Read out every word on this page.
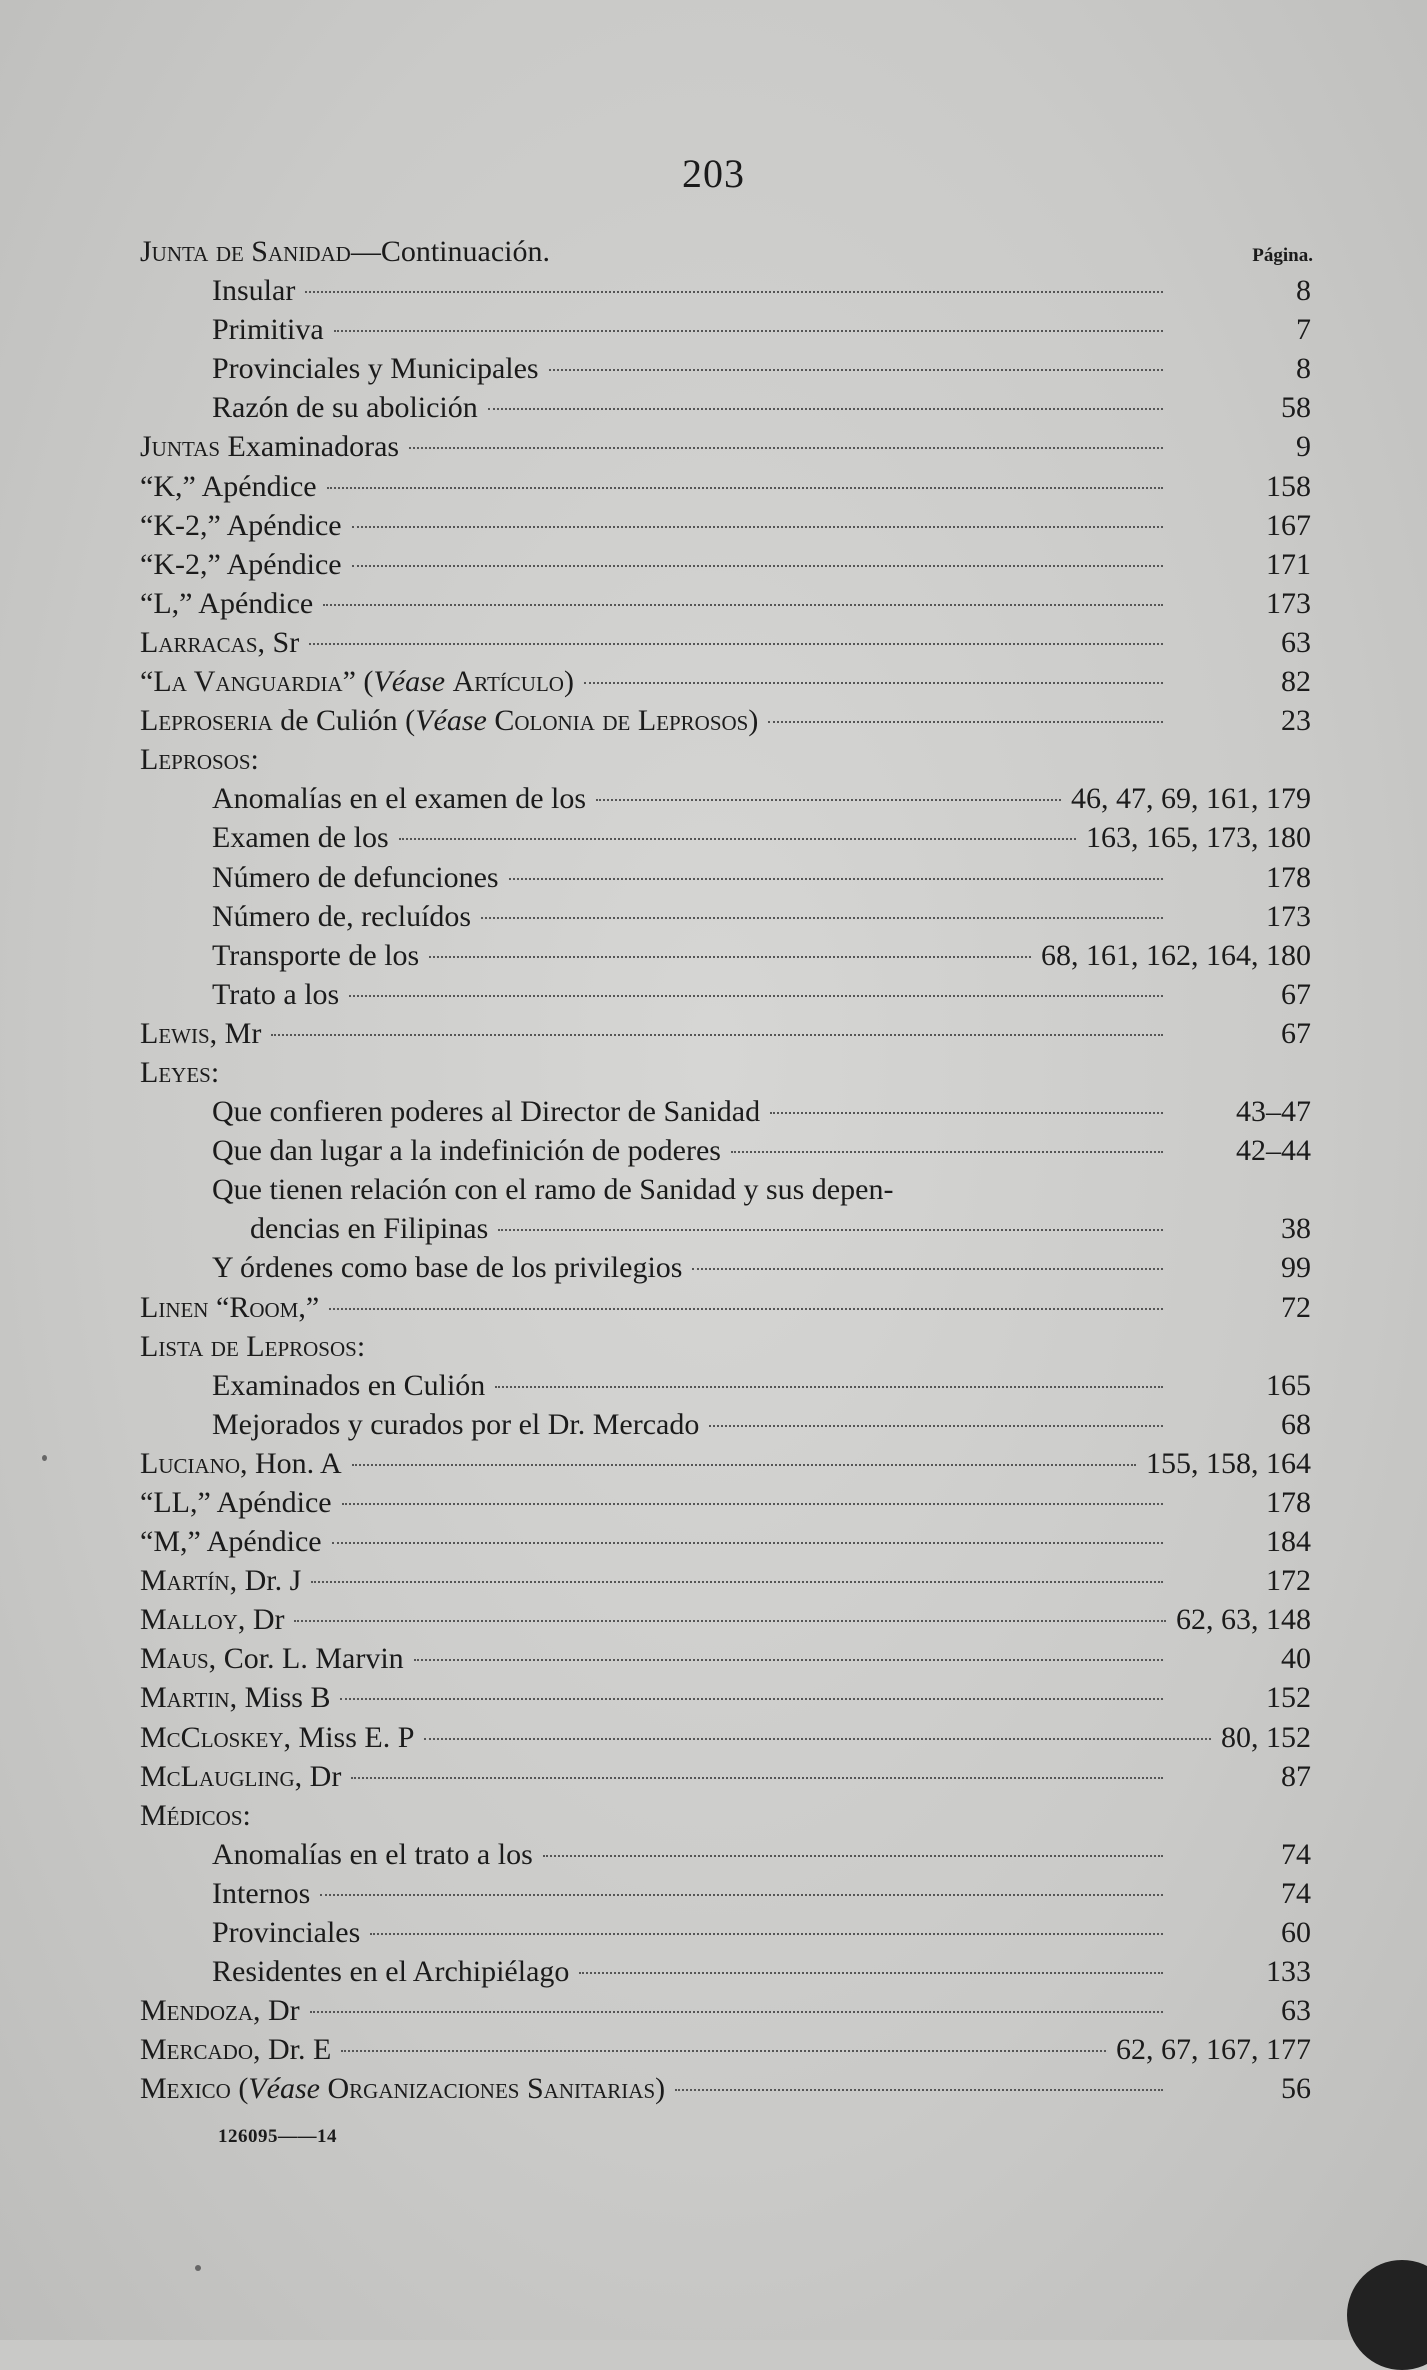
203
Junta de Sanidad—Continuación.	Página.
Insular	8
Primitiva	7
Provinciales y Municipales	8
Razón de su abolición	58
Juntas Examinadoras	9
“K,” Apéndice	158
“K-2,” Apéndice	167
“K-2,” Apéndice	171
“L,” Apéndice	173
Larracas, Sr	63
“La Vanguardia” (Véase Artículo)	82
Leproseria de Culión (Véase Colonia de Leprosos)	23
Leprosos:
Anomalías en el examen de los	46, 47, 69, 161, 179
Examen de los	163, 165, 173, 180
Número de defunciones	178
Número de, recluídos	173
Transporte de los	68, 161, 162, 164, 180
Trato a los	67
Lewis, Mr	67
Leyes:
Que confieren poderes al Director de Sanidad	43–47
Que dan lugar a la indefinición de poderes	42–44
Que tienen relación con el ramo de Sanidad y sus depen-
dencias en Filipinas	38
Y órdenes como base de los privilegios	99
Linen “Room,”	72
Lista de Leprosos:
Examinados en Culión	165
Mejorados y curados por el Dr. Mercado	68
Luciano, Hon. A	155, 158, 164
“LL,” Apéndice	178
“M,” Apéndice	184
Martín, Dr. J	172
Malloy, Dr	62, 63, 148
Maus, Cor. L. Marvin	40
Martin, Miss B	152
McCloskey, Miss E. P	80, 152
McLaugling, Dr	87
Médicos:
Anomalías en el trato a los	74
Internos	74
Provinciales	60
Residentes en el Archipiélago	133
Mendoza, Dr	63
Mercado, Dr. E	62, 67, 167, 177
Mexico (Véase Organizaciones Sanitarias)	56
126095——14
